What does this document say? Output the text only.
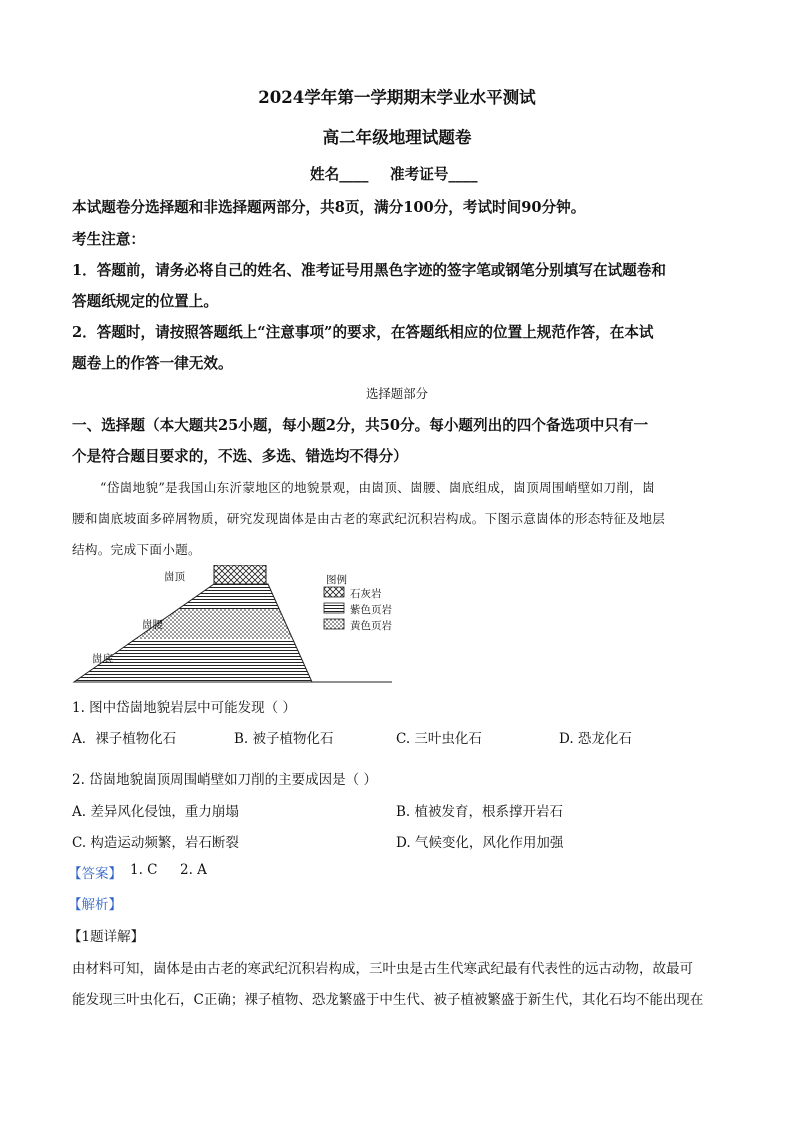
2024学年第一学期期末学业水平测试
高二年级地理试题卷
姓名____ 准考证号____
本试题卷分选择题和非选择题两部分，共8页，满分100分，考试时间90分钟。
考生注意：
1．答题前，请务必将自己的姓名、准考证号用黑色字迹的签字笔或钢笔分别填写在试题卷和
答题纸规定的位置上。
2．答题时，请按照答题纸上“注意事项”的要求，在答题纸相应的位置上规范作答，在本试
题卷上的作答一律无效。
选择题部分
一、选择题（本大题共25小题，每小题2分，共50分。每小题列出的四个备选项中只有一
个是符合题目要求的，不选、多选、错选均不得分）
“岱崮地貌”是我国山东沂蒙地区的地貌景观，由崮顶、崮腰、崮底组成，崮顶周围峭壁如刀削，崮
腰和崮底坡面多碎屑物质，研究发现崮体是由古老的寒武纪沉积岩构成。下图示意崮体的形态特征及地层
结构。完成下面小题。
崮顶
崮腰
崮底
图例
石灰岩
紫色页岩
黄色页岩
1. 图中岱崮地貌岩层中可能发现（ ）
A．裸子植物化石	B. 被子植物化石	C. 三叶虫化石	D. 恐龙化石
2. 岱崮地貌崮顶周围峭壁如刀削的主要成因是（ ）
A. 差异风化侵蚀，重力崩塌	B. 植被发育，根系撑开岩石
C. 构造运动频繁，岩石断裂	D. 气候变化，风化作用加强
【答案】 1. C 2. A
【解析】
【1题详解】
由材料可知，崮体是由古老的寒武纪沉积岩构成，三叶虫是古生代寒武纪最有代表性的远古动物，故最可
能发现三叶虫化石，C正确；裸子植物、恐龙繁盛于中生代、被子植被繁盛于新生代，其化石均不能出现在
